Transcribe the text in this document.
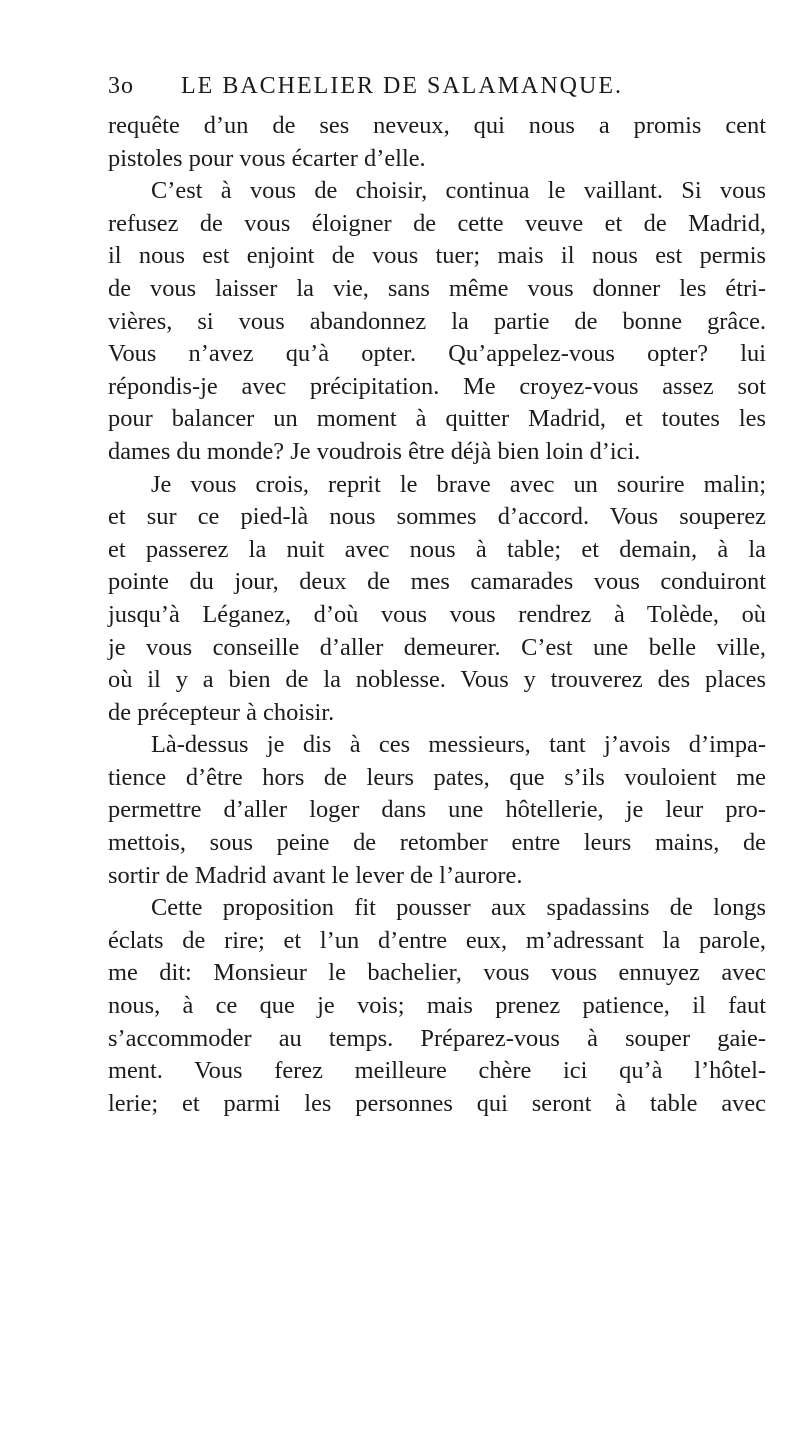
3o LE BACHELIER DE SALAMANQUE.
requête d’un de ses neveux, qui nous a promis cent
pistoles pour vous écarter d’elle.
C’est à vous de choisir, continua le vaillant. Si vous
refusez de vous éloigner de cette veuve et de Madrid,
il nous est enjoint de vous tuer; mais il nous est permis
de vous laisser la vie, sans même vous donner les étri-
vières, si vous abandonnez la partie de bonne grâce.
Vous n’avez qu’à opter. Qu’appelez-vous opter? lui
répondis-je avec précipitation. Me croyez-vous assez sot
pour balancer un moment à quitter Madrid, et toutes les
dames du monde? Je voudrois être déjà bien loin d’ici.
Je vous crois, reprit le brave avec un sourire malin;
et sur ce pied-là nous sommes d’accord. Vous souperez
et passerez la nuit avec nous à table; et demain, à la
pointe du jour, deux de mes camarades vous conduiront
jusqu’à Léganez, d’où vous vous rendrez à Tolède, où
je vous conseille d’aller demeurer. C’est une belle ville,
où il y a bien de la noblesse. Vous y trouverez des places
de précepteur à choisir.
Là-dessus je dis à ces messieurs, tant j’avois d’impa-
tience d’être hors de leurs pates, que s’ils vouloient me
permettre d’aller loger dans une hôtellerie, je leur pro-
mettois, sous peine de retomber entre leurs mains, de
sortir de Madrid avant le lever de l’aurore.
Cette proposition fit pousser aux spadassins de longs
éclats de rire; et l’un d’entre eux, m’adressant la parole,
me dit: Monsieur le bachelier, vous vous ennuyez avec
nous, à ce que je vois; mais prenez patience, il faut
s’accommoder au temps. Préparez-vous à souper gaie-
ment. Vous ferez meilleure chère ici qu’à l’hôtel-
lerie; et parmi les personnes qui seront à table avec
